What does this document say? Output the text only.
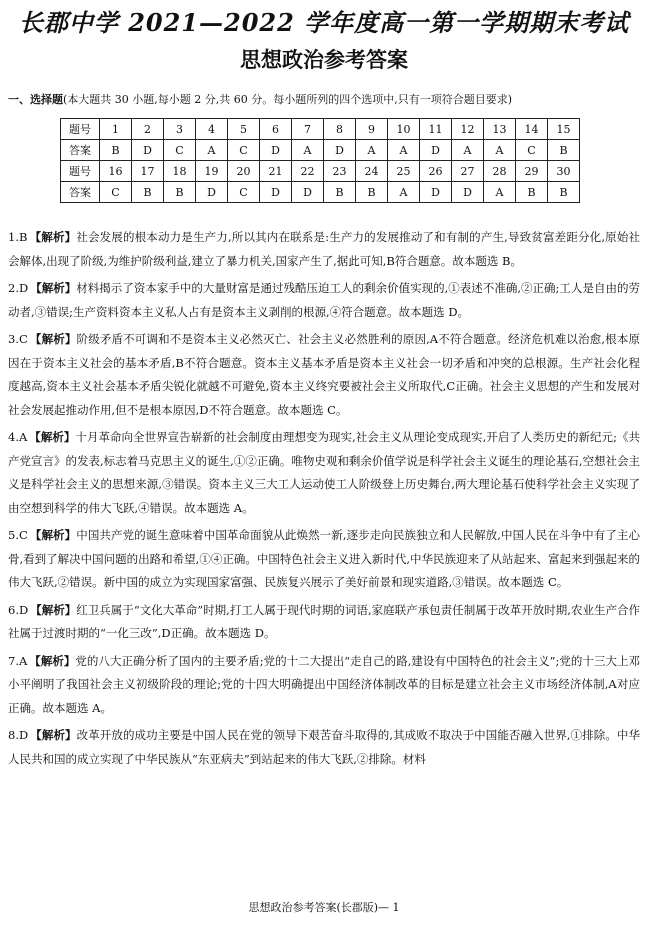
长郡中学 2021—2022 学年度高一第一学期期末考试
思想政治参考答案
一、选择题(本大题共 30 小题,每小题 2 分,共 60 分。每小题所列的四个选项中,只有一项符合题目要求)
题号	1	2	3	4	5	6	7	8	9	10	11	12	13	14	15
答案	B	D	C	A	C	D	A	D	A	A	D	A	A	C	B
题号	16	17	18	19	20	21	22	23	24	25	26	27	28	29	30
答案	C	B	B	D	C	D	D	B	B	A	D	D	A	B	B
1.B 【解析】社会发展的根本动力是生产力,所以其内在联系是:生产力的发展推动了和有制的产生,导致贫富差距分化,原始社会解体,出现了阶级,为维护阶级利益,建立了暴力机关,国家产生了,据此可知,B符合题意。故本题选 B。
2.D 【解析】材料揭示了资本家手中的大量财富是通过残酷压迫工人的剩余价值实现的,①表述不准确,②正确;工人是自由的劳动者,③错误;生产资料资本主义私人占有是资本主义剥削的根源,④符合题意。故本题选 D。
3.C 【解析】阶级矛盾不可调和不是资本主义必然灭亡、社会主义必然胜利的原因,A不符合题意。经济危机难以治愈,根本原因在于资本主义社会的基本矛盾,B不符合题意。资本主义基本矛盾是资本主义社会一切矛盾和冲突的总根源。生产社会化程度越高,资本主义社会基本矛盾尖锐化就越不可避免,资本主义终究要被社会主义所取代,C正确。社会主义思想的产生和发展对社会发展起推动作用,但不是根本原因,D不符合题意。故本题选 C。
4.A 【解析】十月革命向全世界宣告崭新的社会制度由理想变为现实,社会主义从理论变成现实,开启了人类历史的新纪元;《共产党宣言》的发表,标志着马克思主义的诞生,①②正确。唯物史观和剩余价值学说是科学社会主义诞生的理论基石,空想社会主义是科学社会主义的思想来源,③错误。资本主义三大工人运动使工人阶级登上历史舞台,两大理论基石使科学社会主义实现了由空想到科学的伟大飞跃,④错误。故本题选 A。
5.C 【解析】中国共产党的诞生意味着中国革命面貌从此焕然一新,逐步走向民族独立和人民解放,中国人民在斗争中有了主心骨,看到了解决中国问题的出路和希望,①④正确。中国特色社会主义进入新时代,中华民族迎来了从站起来、富起来到强起来的伟大飞跃,②错误。新中国的成立为实现国家富强、民族复兴展示了美好前景和现实道路,③错误。故本题选 C。
6.D 【解析】红卫兵属于“文化大革命”时期,打工人属于现代时期的词语,家庭联产承包责任制属于改革开放时期,农业生产合作社属于过渡时期的“一化三改”,D正确。故本题选 D。
7.A 【解析】党的八大正确分析了国内的主要矛盾;党的十二大提出“走自己的路,建设有中国特色的社会主义”;党的十三大上邓小平阐明了我国社会主义初级阶段的理论;党的十四大明确提出中国经济体制改革的目标是建立社会主义市场经济体制,A对应正确。故本题选 A。
8.D 【解析】改革开放的成功主要是中国人民在党的领导下艰苦奋斗取得的,其成败不取决于中国能否融入世界,①排除。中华人民共和国的成立实现了中华民族从“东亚病夫”到站起来的伟大飞跃,②排除。材料
思想政治参考答案(长郡版)— 1
